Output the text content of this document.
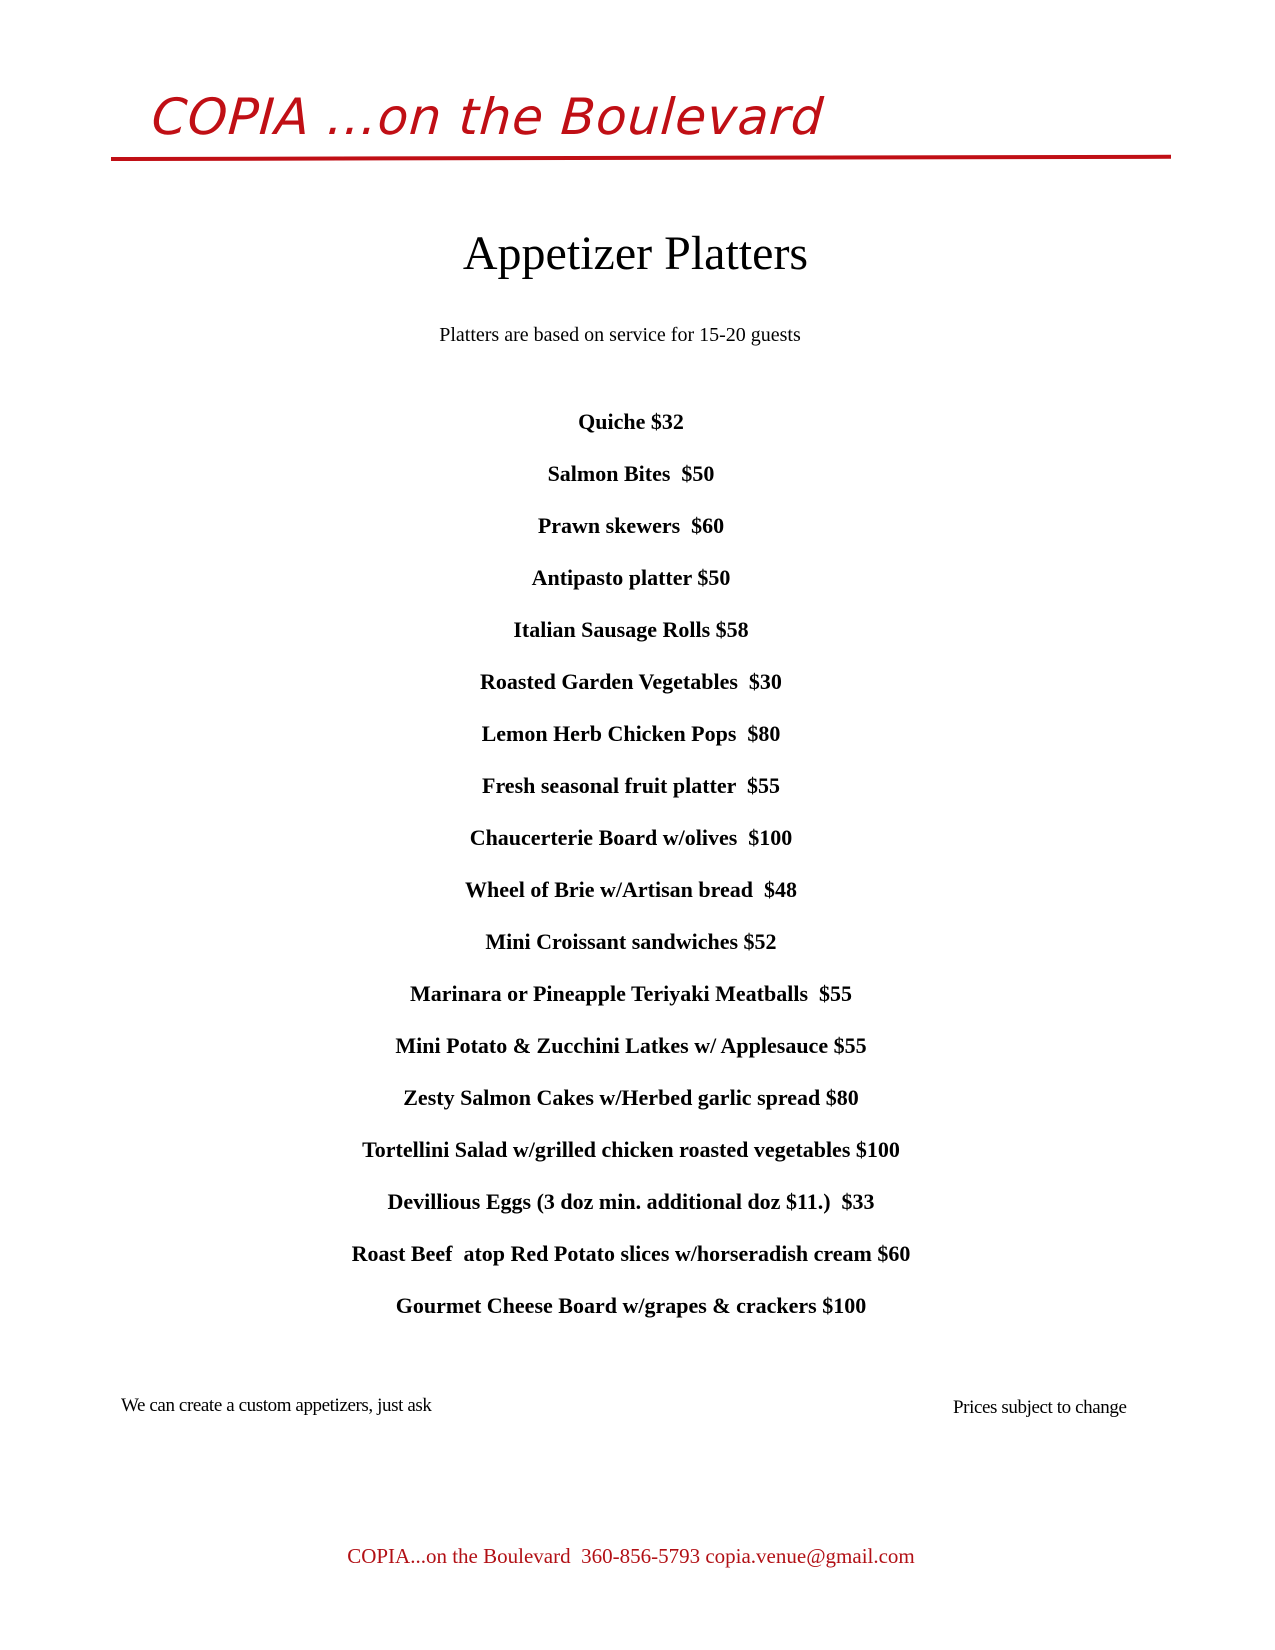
COPIA ...on the Boulevard
Appetizer Platters
Platters are based on service for 15-20 guests
Quiche $32
Salmon Bites  $50
Prawn skewers  $60
Antipasto platter $50
Italian Sausage Rolls $58
Roasted Garden Vegetables  $30
Lemon Herb Chicken Pops  $80
Fresh seasonal fruit platter  $55
Chaucerterie Board w/olives  $100
Wheel of Brie w/Artisan bread  $48
Mini Croissant sandwiches $52
Marinara or Pineapple Teriyaki Meatballs  $55
Mini Potato & Zucchini Latkes w/ Applesauce $55
Zesty Salmon Cakes w/Herbed garlic spread $80
Tortellini Salad w/grilled chicken roasted vegetables $100
Devillious Eggs (3 doz min. additional doz $11.)  $33
Roast Beef  atop Red Potato slices w/horseradish cream $60
Gourmet Cheese Board w/grapes & crackers $100
We can create a custom appetizers, just ask	Prices subject to change
COPIA...on the Boulevard  360-856-5793 copia.venue@gmail.com
